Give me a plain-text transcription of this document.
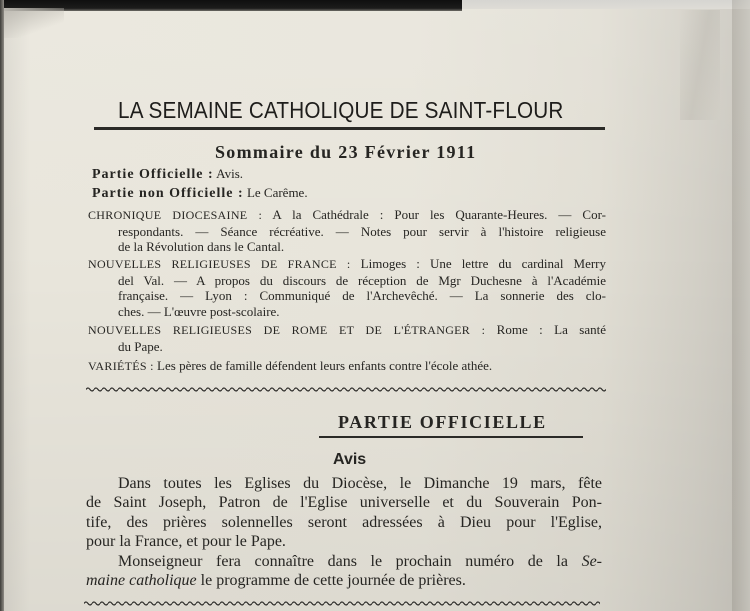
LA SEMAINE CATHOLIQUE DE SAINT-FLOUR
Sommaire du 23 Février 1911
Partie Officielle : Avis.
Partie non Officielle : Le Carême.
CHRONIQUE DIOCESAINE : A la Cathédrale : Pour les Quarante-Heures. — Cor-
respondants. — Séance récréative. — Notes pour servir à l'histoire religieuse
de la Révolution dans le Cantal.
NOUVELLES RELIGIEUSES DE FRANCE : Limoges : Une lettre du cardinal Merry
del Val. — A propos du discours de réception de Mgr Duchesne à l'Académie
française. — Lyon : Communiqué de l'Archevêché. — La sonnerie des clo-
ches. — L'œuvre post-scolaire.
NOUVELLES RELIGIEUSES DE ROME ET DE L'ÉTRANGER : Rome : La santé
du Pape.
VARIÉTÉS : Les pères de famille défendent leurs enfants contre l'école athée.
PARTIE OFFICIELLE
Avis
Dans toutes les Eglises du Diocèse, le Dimanche 19 mars, fête
de Saint Joseph, Patron de l'Eglise universelle et du Souverain Pon-
tife, des prières solennelles seront adressées à Dieu pour l'Eglise,
pour la France, et pour le Pape.
Monseigneur fera connaître dans le prochain numéro de la Se-
maine catholique le programme de cette journée de prières.
